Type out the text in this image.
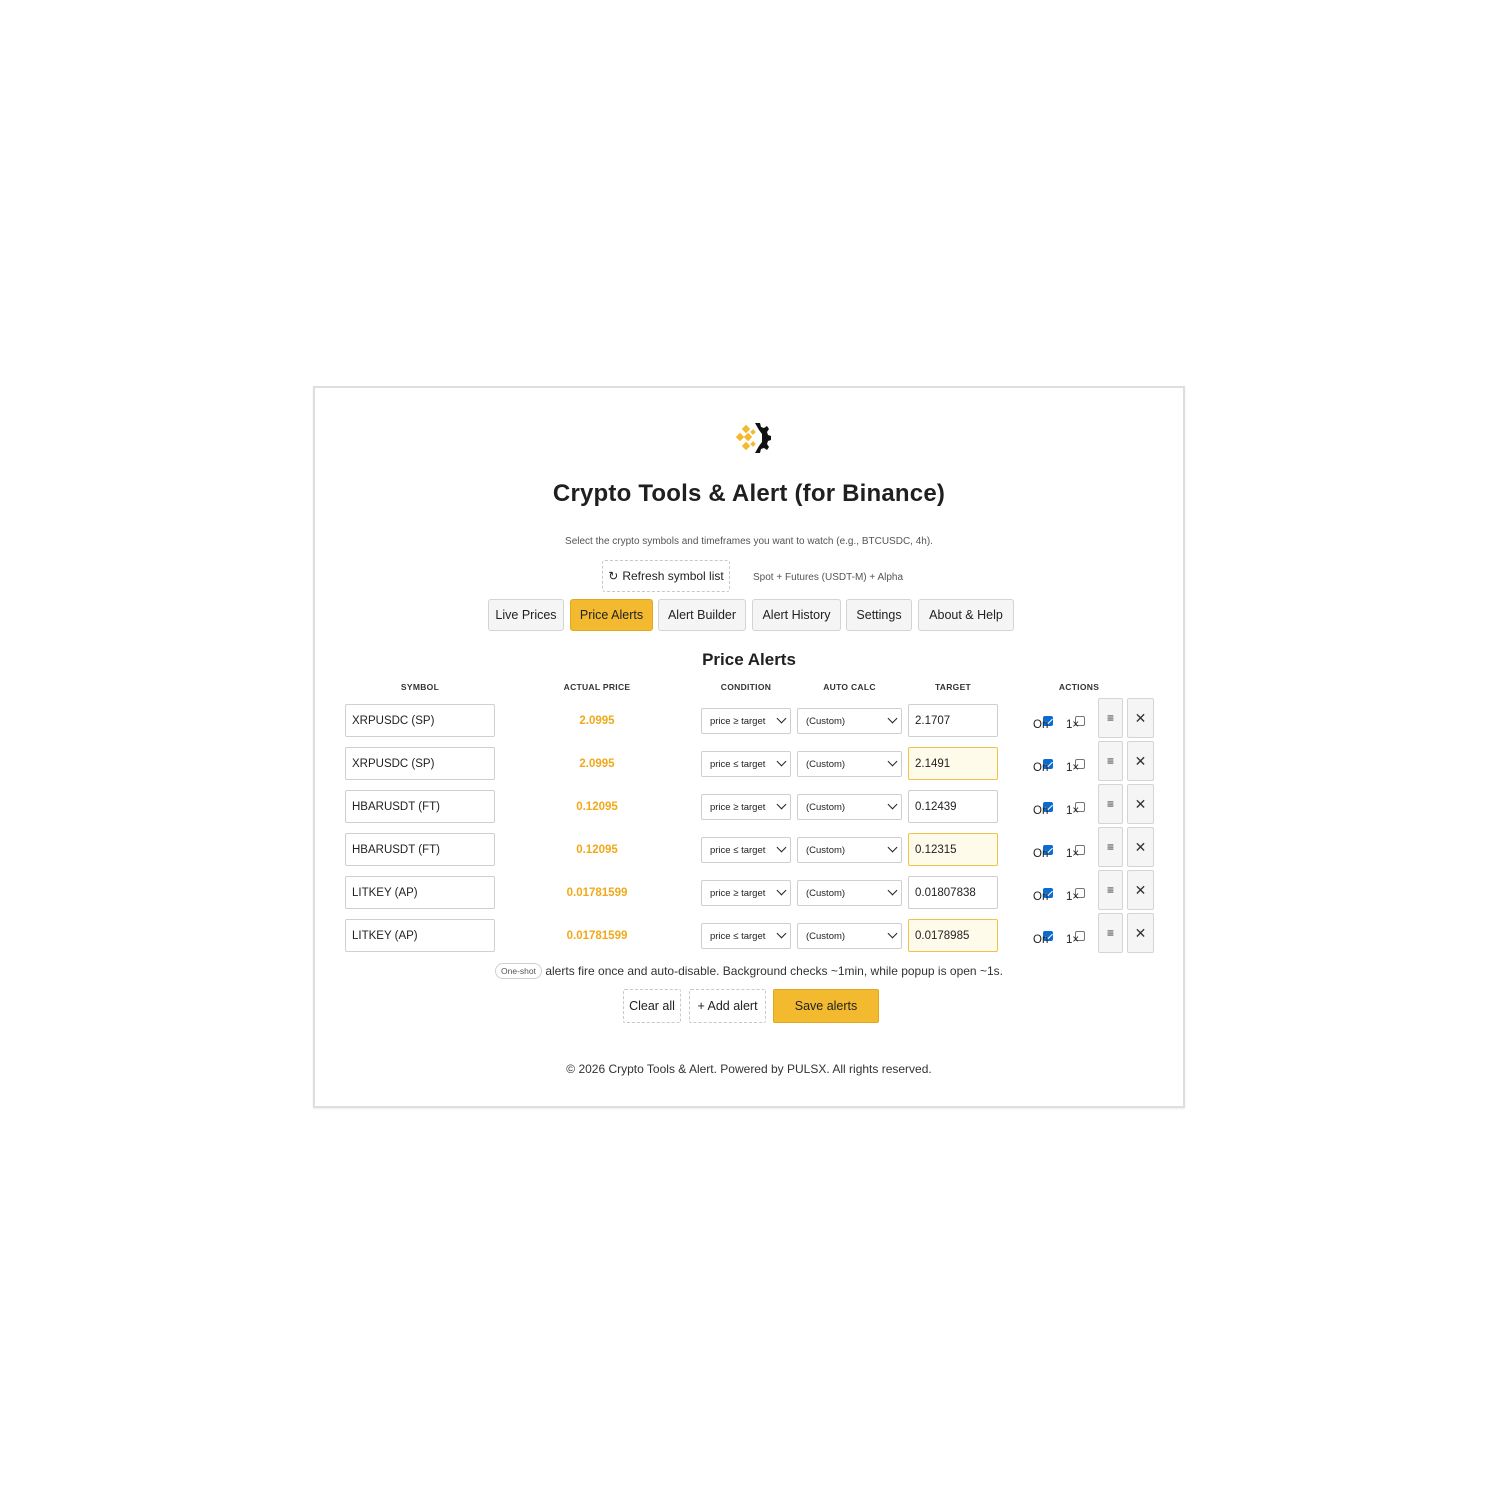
Crypto Tools & Alert (for Binance)
Select the crypto symbols and timeframes you want to watch (e.g., BTCUSDC, 4h).
↻ Refresh symbol list	Spot + Futures (USDT-M) + Alpha
Live Prices	Price Alerts	Alert Builder	Alert History	Settings	About & Help
Price Alerts
SYMBOL	ACTUAL PRICE	CONDITION	AUTO CALC	TARGET	ACTIONS
XRPUSDC (SP)	2.0995	price ≥ target	(Custom)	2.1707	On 1× ≡ ✕
XRPUSDC (SP)	2.0995	price ≤ target	(Custom)	2.1491	On 1× ≡ ✕
HBARUSDT (FT)	0.12095	price ≥ target	(Custom)	0.12439	On 1× ≡ ✕
HBARUSDT (FT)	0.12095	price ≤ target	(Custom)	0.12315	On 1× ≡ ✕
LITKEY (AP)	0.01781599	price ≥ target	(Custom)	0.01807838	On 1× ≡ ✕
LITKEY (AP)	0.01781599	price ≤ target	(Custom)	0.0178985	On 1× ≡ ✕
One-shot alerts fire once and auto-disable. Background checks ~1min, while popup is open ~1s.
Clear all	+ Add alert	Save alerts
© 2026 Crypto Tools & Alert. Powered by PULSX. All rights reserved.
